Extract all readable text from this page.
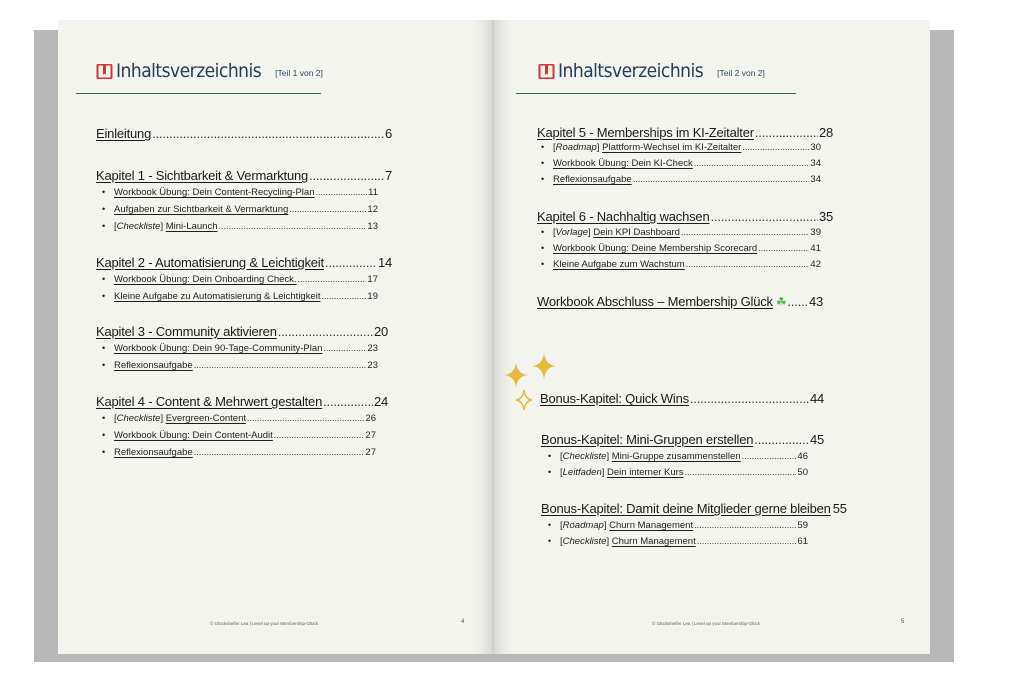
Inhaltsverzeichnis [Teil 1 von 2]
Einleitung .....	6
Kapitel 1 - Sichtbarkeit & Vermarktung .....	7
• Workbook Übung: Dein Content-Recycling-Plan .....	11
• Aufgaben zur Sichtbarkeit & Vermarktung .....	12
• [ Checkliste ] Mini-Launch .....	13
Kapitel 2 - Automatisierung & Leichtigkeit .....	14
• Workbook Übung: Dein Onboarding Check. .....	17
• Kleine Aufgabe zu Automatisierung & Leichtigkeit .....	19
Kapitel 3 - Community aktivieren .....	20
• Workbook Übung: Dein 90-Tage-Community-Plan .....	23
• Reflexionsaufgabe .....	23
Kapitel 4 - Content & Mehrwert gestalten .....	24
• [ Checkliste ] Evergreen-Content .....	26
• Workbook Übung: Dein Content-Audit .....	27
• Reflexionsaufgabe .....	27
© Glückshelfer Lea | Level up your Membership-Glück	4
Inhaltsverzeichnis [Teil 2 von 2]
Kapitel 5 - Memberships im KI-Zeitalter .....	28
• [ Roadmap ] Plattform-Wechsel im KI-Zeitalter .....	30
• Workbook Übung: Dein KI-Check .....	34
• Reflexionsaufgabe .....	34
Kapitel 6 - Nachhaltig wachsen .....	35
• [ Vorlage ] Dein KPI Dashboard .....	39
• Workbook Übung: Deine Membership Scorecard .....	41
• Kleine Aufgabe zum Wachstum .....	42
Workbook Abschluss – Membership Glück ☘ ..... 43
Bonus-Kapitel: Quick Wins .....	44
Bonus-Kapitel: Mini-Gruppen erstellen .....	45
• [ Checkliste ] Mini-Gruppe zusammenstellen .....	46
• [ Leitfaden ] Dein interner Kurs .....	50
Bonus-Kapitel: Damit deine Mitglieder gerne bleiben 55
• [ Roadmap ] Churn Management .....	59
• [ Checkliste ] Churn Management .....	61
© Glückshelfer Lea | Level up your Membership-Glück	5
